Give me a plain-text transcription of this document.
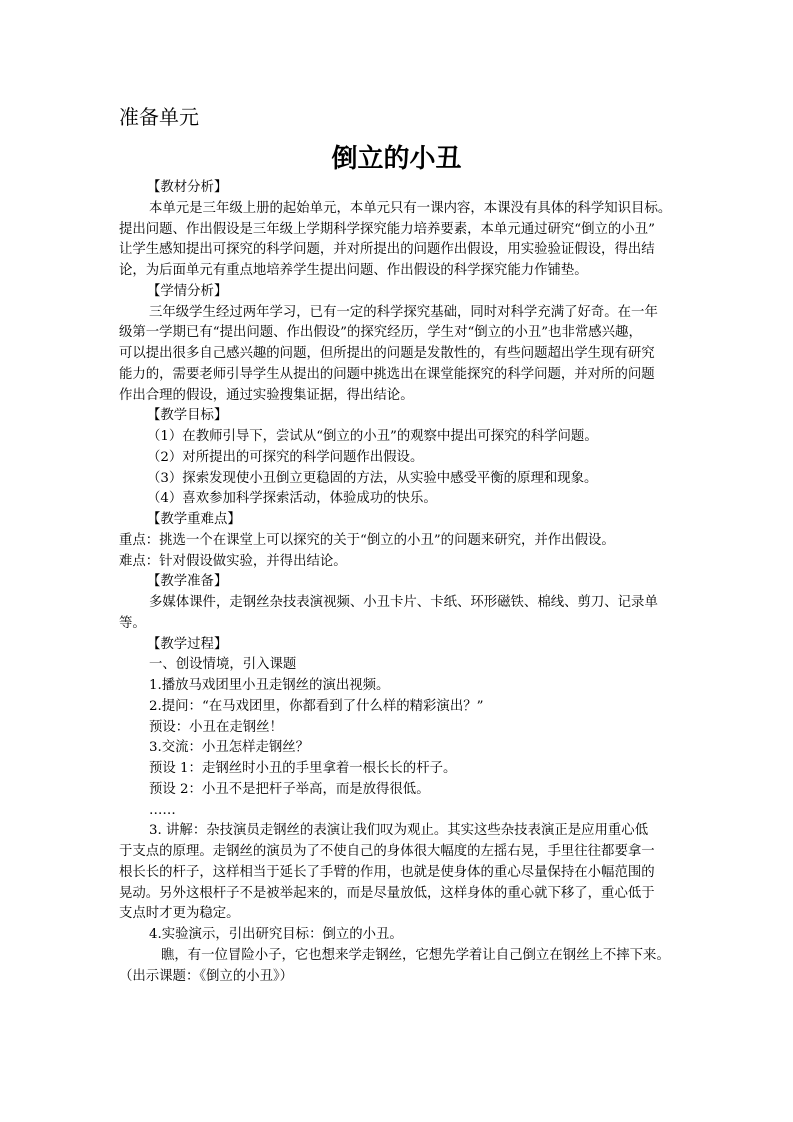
准备单元
倒立的小丑
【教材分析】
本单元是三年级上册的起始单元，本单元只有一课内容，本课没有具体的科学知识目标。
提出问题、作出假设是三年级上学期科学探究能力培养要素，本单元通过研究“倒立的小丑”
让学生感知提出可探究的科学问题，并对所提出的问题作出假设，用实验验证假设，得出结
论，为后面单元有重点地培养学生提出问题、作出假设的科学探究能力作铺垫。
【学情分析】
三年级学生经过两年学习，已有一定的科学探究基础，同时对科学充满了好奇。在一年
级第一学期已有“提出问题、作出假设”的探究经历，学生对“倒立的小丑”也非常感兴趣，
可以提出很多自己感兴趣的问题，但所提出的问题是发散性的，有些问题超出学生现有研究
能力的，需要老师引导学生从提出的问题中挑选出在课堂能探究的科学问题，并对所的问题
作出合理的假设，通过实验搜集证据，得出结论。
【教学目标】
（1）在教师引导下，尝试从“倒立的小丑”的观察中提出可探究的科学问题。
（2）对所提出的可探究的科学问题作出假设。
（3）探索发现使小丑倒立更稳固的方法，从实验中感受平衡的原理和现象。
（4）喜欢参加科学探索活动，体验成功的快乐。
【教学重难点】
重点：挑选一个在课堂上可以探究的关于“倒立的小丑”的问题来研究，并作出假设。
难点：针对假设做实验，并得出结论。
【教学准备】
多媒体课件，走钢丝杂技表演视频、小丑卡片、卡纸、环形磁铁、棉线、剪刀、记录单
等。
【教学过程】
一、创设情境，引入课题
1.播放马戏团里小丑走钢丝的演出视频。
2.提问：“在马戏团里，你都看到了什么样的精彩演出？”
预设：小丑在走钢丝！
3.交流：小丑怎样走钢丝？
预设 1：走钢丝时小丑的手里拿着一根长长的杆子。
预设 2：小丑不是把杆子举高，而是放得很低。
……
3. 讲解：杂技演员走钢丝的表演让我们叹为观止。其实这些杂技表演正是应用重心低
于支点的原理。走钢丝的演员为了不使自己的身体很大幅度的左摇右晃，手里往往都要拿一
根长长的杆子，这样相当于延长了手臂的作用，也就是使身体的重心尽量保持在小幅范围的
晃动。另外这根杆子不是被举起来的，而是尽量放低，这样身体的重心就下移了，重心低于
支点时才更为稳定。
4.实验演示，引出研究目标：倒立的小丑。
瞧，有一位冒险小子，它也想来学走钢丝，它想先学着让自己倒立在钢丝上不摔下来。
（出示课题：《倒立的小丑》）
